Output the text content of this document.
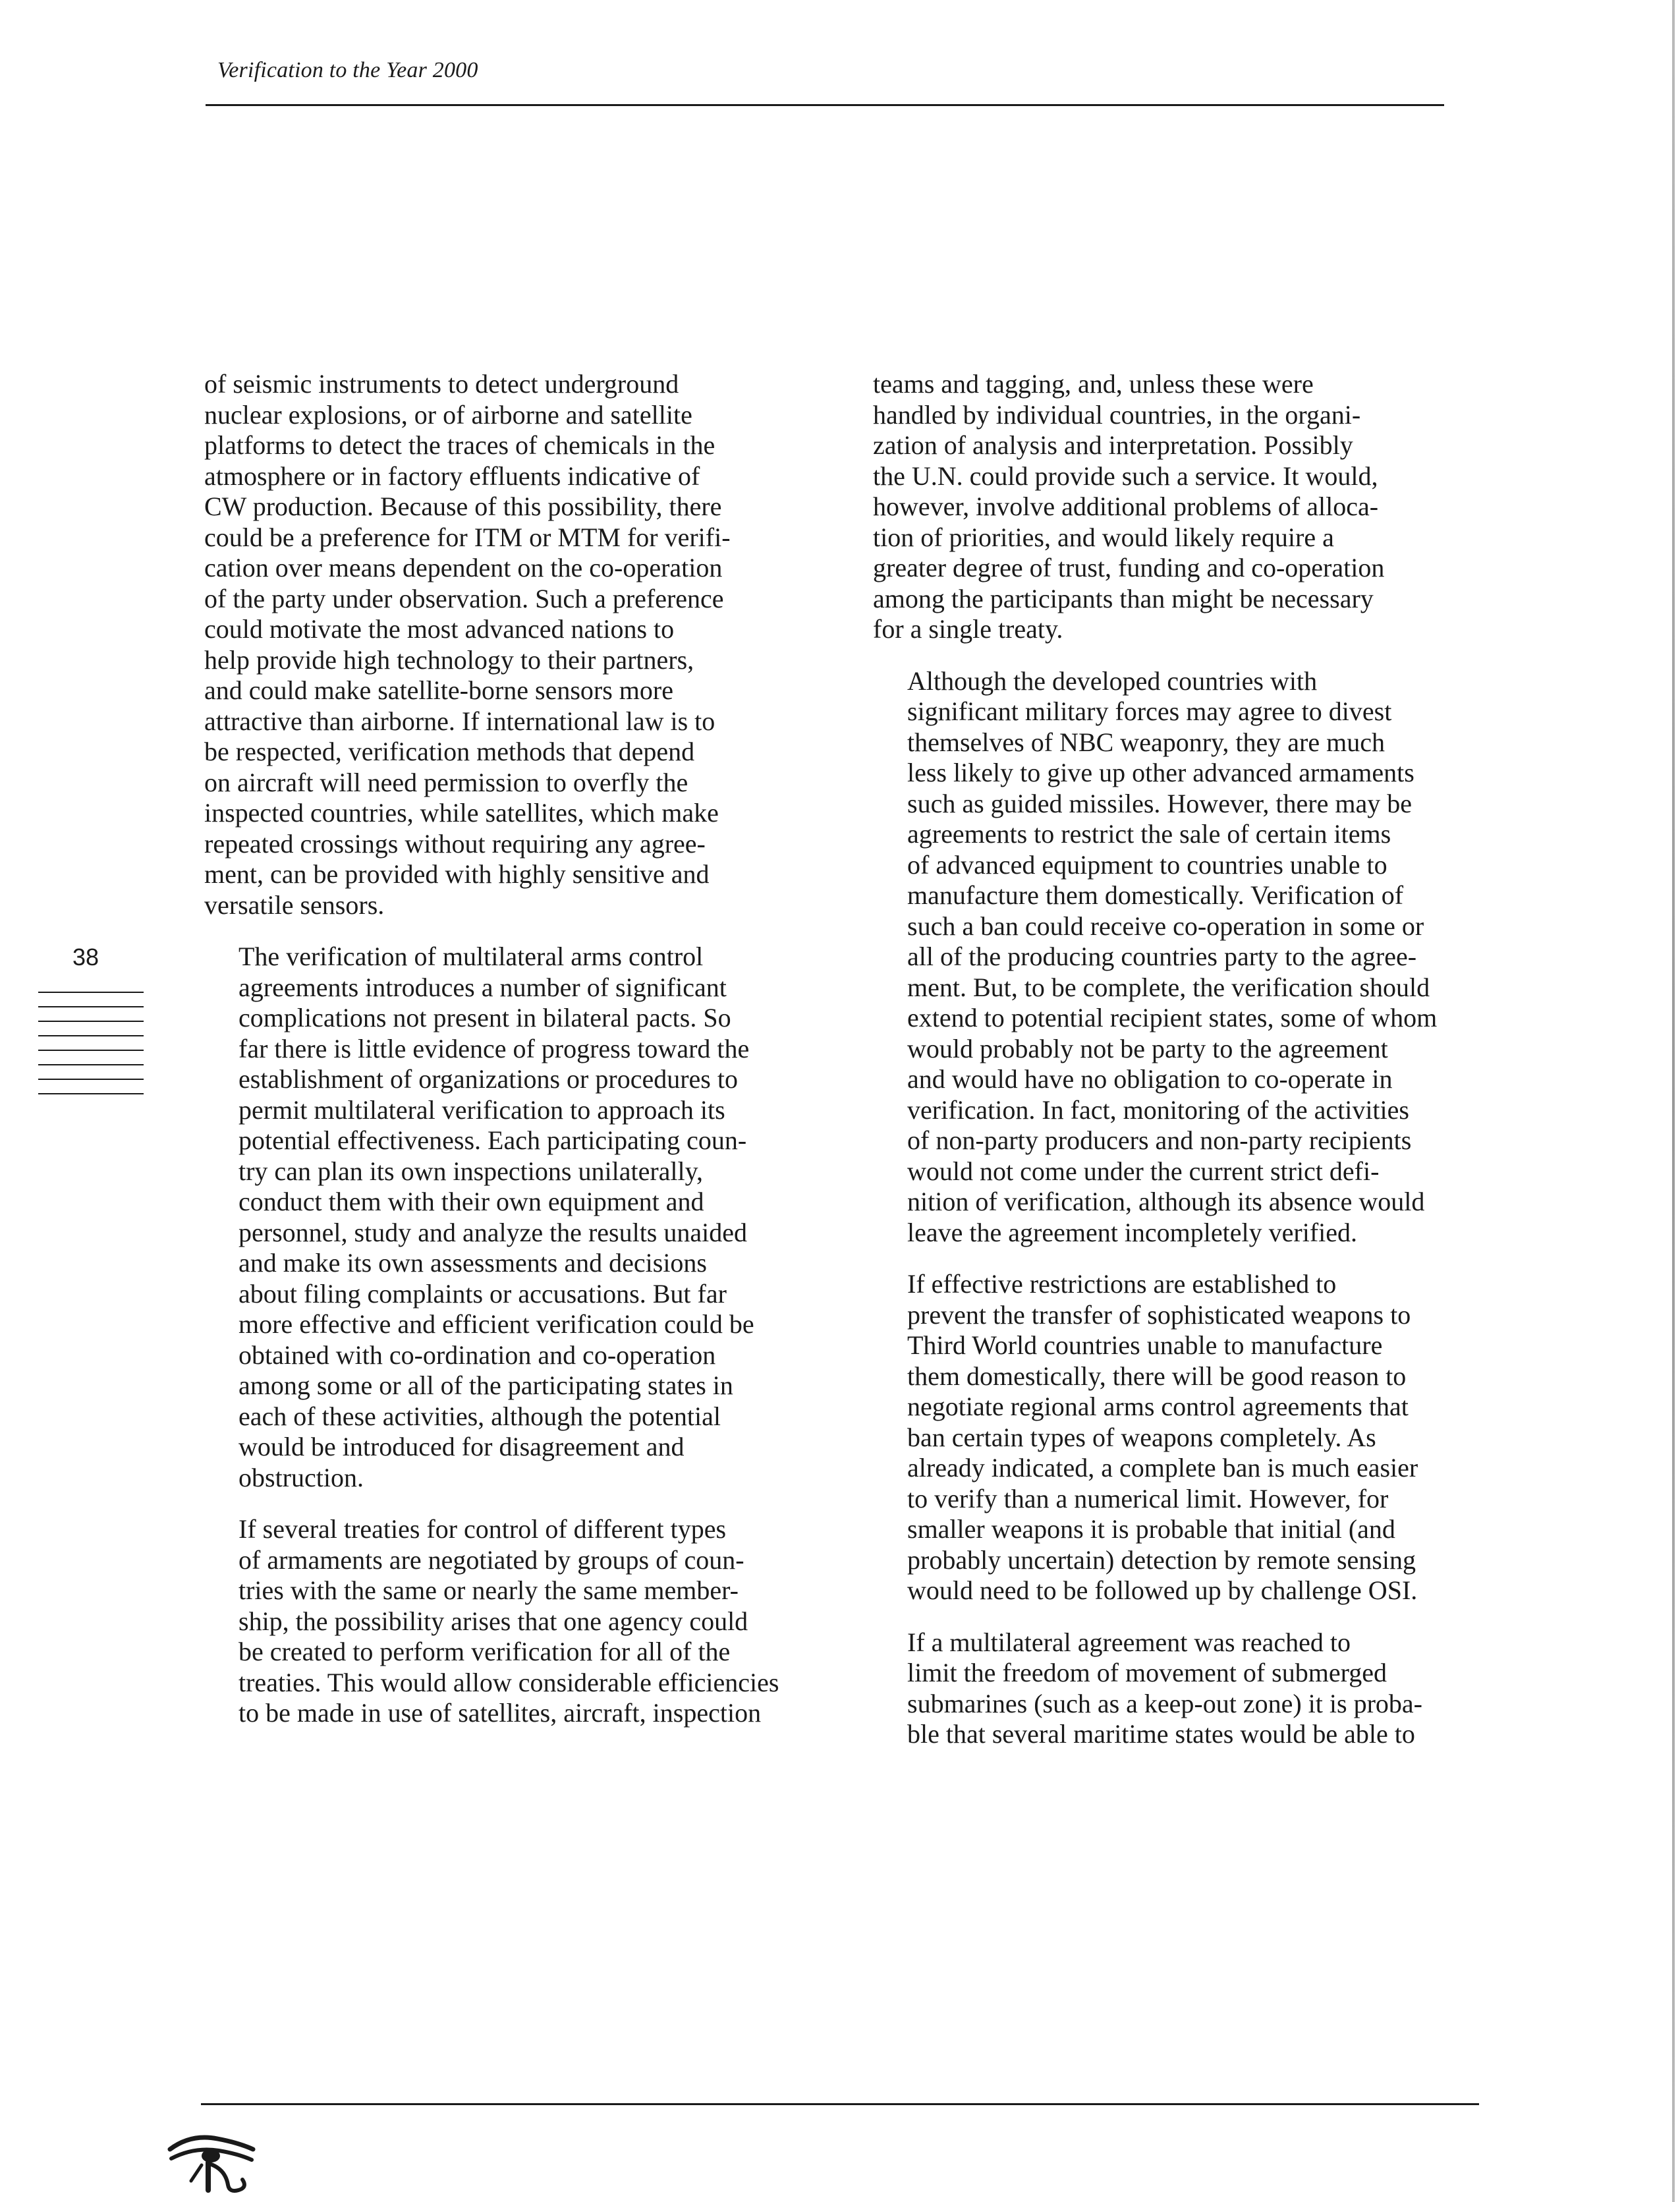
Verification to the Year 2000
38

of seismic instruments to detect underground
nuclear explosions, or of airborne and satellite
platforms to detect the traces of chemicals in the
atmosphere or in factory effluents indicative of
CW production. Because of this possibility, there
could be a preference for ITM or MTM for verifi-
cation over means dependent on the co-operation
of the party under observation. Such a preference
could motivate the most advanced nations to
help provide high technology to their partners,
and could make satellite-borne sensors more
attractive than airborne. If international law is to
be respected, verification methods that depend
on aircraft will need permission to overfly the
inspected countries, while satellites, which make
repeated crossings without requiring any agree-
ment, can be provided with highly sensitive and
versatile sensors.

The verification of multilateral arms control
agreements introduces a number of significant
complications not present in bilateral pacts. So
far there is little evidence of progress toward the
establishment of organizations or procedures to
permit multilateral verification to approach its
potential effectiveness. Each participating coun-
try can plan its own inspections unilaterally,
conduct them with their own equipment and
personnel, study and analyze the results unaided
and make its own assessments and decisions
about filing complaints or accusations. But far
more effective and efficient verification could be
obtained with co-ordination and co-operation
among some or all of the participating states in
each of these activities, although the potential
would be introduced for disagreement and
obstruction.

If several treaties for control of different types
of armaments are negotiated by groups of coun-
tries with the same or nearly the same member-
ship, the possibility arises that one agency could
be created to perform verification for all of the
treaties. This would allow considerable efficiencies
to be made in use of satellites, aircraft, inspection

teams and tagging, and, unless these were
handled by individual countries, in the organi-
zation of analysis and interpretation. Possibly
the U.N. could provide such a service. It would,
however, involve additional problems of alloca-
tion of priorities, and would likely require a
greater degree of trust, funding and co-operation
among the participants than might be necessary
for a single treaty.

Although the developed countries with
significant military forces may agree to divest
themselves of NBC weaponry, they are much
less likely to give up other advanced armaments
such as guided missiles. However, there may be
agreements to restrict the sale of certain items
of advanced equipment to countries unable to
manufacture them domestically. Verification of
such a ban could receive co-operation in some or
all of the producing countries party to the agree-
ment. But, to be complete, the verification should
extend to potential recipient states, some of whom
would probably not be party to the agreement
and would have no obligation to co-operate in
verification. In fact, monitoring of the activities
of non-party producers and non-party recipients
would not come under the current strict defi-
nition of verification, although its absence would
leave the agreement incompletely verified.

If effective restrictions are established to
prevent the transfer of sophisticated weapons to
Third World countries unable to manufacture
them domestically, there will be good reason to
negotiate regional arms control agreements that
ban certain types of weapons completely. As
already indicated, a complete ban is much easier
to verify than a numerical limit. However, for
smaller weapons it is probable that initial (and
probably uncertain) detection by remote sensing
would need to be followed up by challenge OSI.

If a multilateral agreement was reached to
limit the freedom of movement of submerged
submarines (such as a keep-out zone) it is proba-
ble that several maritime states would be able to
